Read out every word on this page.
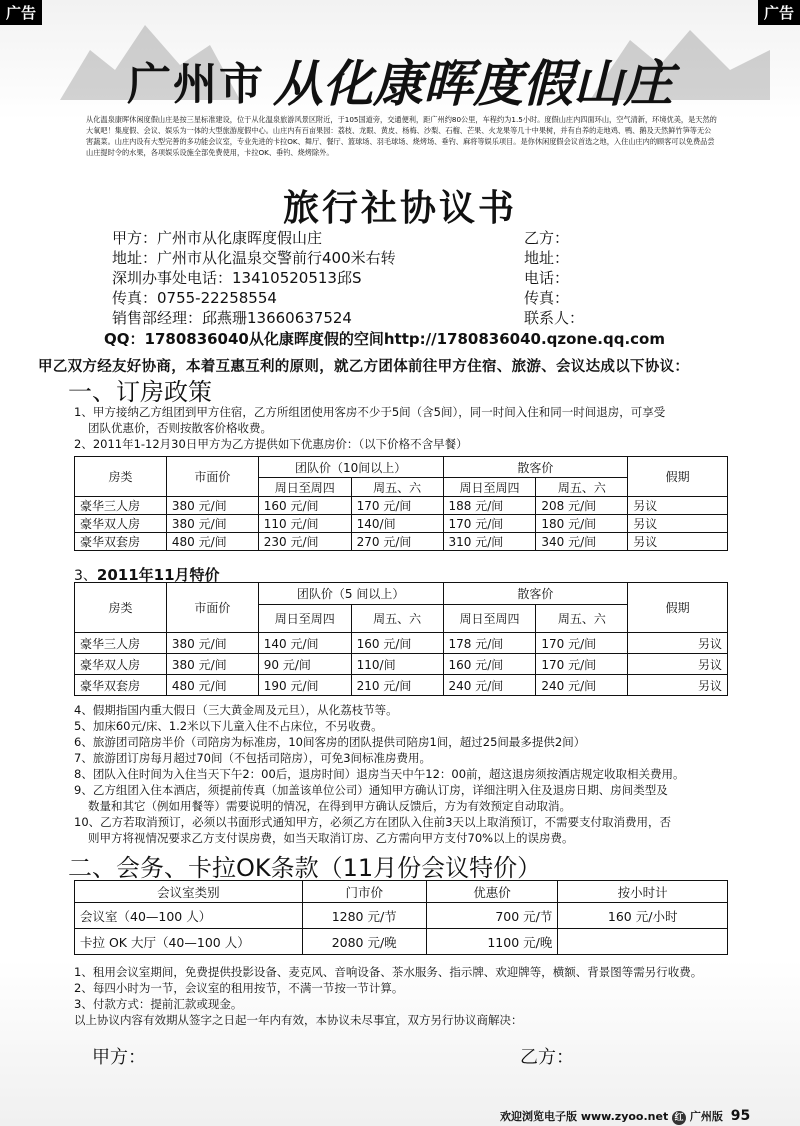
广告	广告
广州市 从化康晖度假山庄
从化温泉康晖休闲度假山庄是按三星标准建设，位于从化温泉旅游风景区附近，于105国道旁，交通便利，距广州约80公里，车程约为1.5小时。度假山庄内四面环山，空气清新，环境优美，是天然的大氧吧！集度假、会议、娱乐为一体的大型旅游度假中心。山庄内有百亩果园：荔枝、龙眼、黄皮、杨梅、沙梨、石榴、芒果、火龙果等几十中果树，并有自养的走地鸡、鸭、鹅及天然鲜竹笋等无公害蔬菜。山庄内设有大型完善的多功能会议室，专业先进的卡拉OK、舞厅、餐厅、篮球场、羽毛球场、烧烤场、垂钓、麻将等娱乐项目。是你休闲度假会议首选之地，入住山庄内的顾客可以免费品尝山庄提时令的水果，各项娱乐设施全部免费使用，卡拉OK、垂钓、烧烤除外。
旅行社协议书
甲方：广州市从化康晖度假山庄	乙方：
地址：广州市从化温泉交警前行400米右转	地址：
深圳办事处电话：13410520513邱S	电话：
传真：0755-22258554	传真：
销售部经理：邱燕珊13660637524	联系人：
QQ：1780836040从化康晖度假的空间http://1780836040.qzone.qq.com
甲乙双方经友好协商，本着互惠互利的原则，就乙方团体前往甲方住宿、旅游、会议达成以下协议：
一、订房政策
1、甲方接纳乙方组团到甲方住宿，乙方所组团使用客房不少于5间（含5间），同一时间入住和同一时间退房，可享受
团队优惠价，否则按散客价格收费。
2、2011年1-12月30日甲方为乙方提供如下优惠房价：（以下价格不含早餐）
房类	市面价	团队价（10间以上）		散客价		假期
		周日至周四	周五、六	周日至周四	周五、六	
豪华三人房	380 元/间	160 元/间	170 元/间	188 元/间	208 元/间	另议
豪华双人房	380 元/间	110 元/间	140/间	170 元/间	180 元/间	另议
豪华双套房	480 元/间	230 元/间	270 元/间	310 元/间	340 元/间	另议
3、2011年11月特价
房类	市面价	团队价（5 间以上）		散客价		假期
		周日至周四	周五、六	周日至周四	周五、六	
豪华三人房	380 元/间	140 元/间	160 元/间	178 元/间	170 元/间	另议
豪华双人房	380 元/间	90 元/间	110/间	160 元/间	170 元/间	另议
豪华双套房	480 元/间	190 元/间	210 元/间	240 元/间	240 元/间	另议
4、假期指国内重大假日（三大黄金周及元旦），从化荔枝节等。
5、加床60元/床、1.2米以下儿童入住不占床位，不另收费。
6、旅游团司陪房半价（司陪房为标准房，10间客房的团队提供司陪房1间，超过25间最多提供2间）
7、旅游团订房每月超过70间（不包括司陪房），可免3间标准房费用。
8、团队入住时间为入住当天下午2：00后，退房时间）退房当天中午12：00前，超这退房须按酒店规定收取相关费用。
9、乙方组团入住本酒店，须提前传真（加盖该单位公司）通知甲方确认订房，详细注明入住及退房日期、房间类型及
数量和其它（例如用餐等）需要说明的情况，在得到甲方确认反馈后，方为有效预定自动取消。
10、乙方若取消预订，必须以书面形式通知甲方，必须乙方在团队入住前3天以上取消预订，不需要支付取消费用，否
则甲方将视情况要求乙方支付误房费，如当天取消订房、乙方需向甲方支付70%以上的误房费。
二、会务、卡拉OK条款（11月份会议特价）
会议室类别	门市价	优惠价	按小时计
会议室（40—100 人）	1280 元/节	700 元/节	160 元/小时
卡拉 OK 大厅（40—100 人）	2080 元/晚	1100 元/晚	
1、租用会议室期间，免费提供投影设备、麦克风、音响设备、茶水服务、指示牌、欢迎牌等，横额、背景图等需另行收费。
2、每四小时为一节，会议室的租用按节，不满一节按一节计算。
3、付款方式：提前汇款或现金。
以上协议内容有效期从签字之日起一年内有效，本协议未尽事宜，双方另行协议商解决：
甲方：	乙方：
欢迎浏览电子版 www.zyoo.net 红 广州版 95
